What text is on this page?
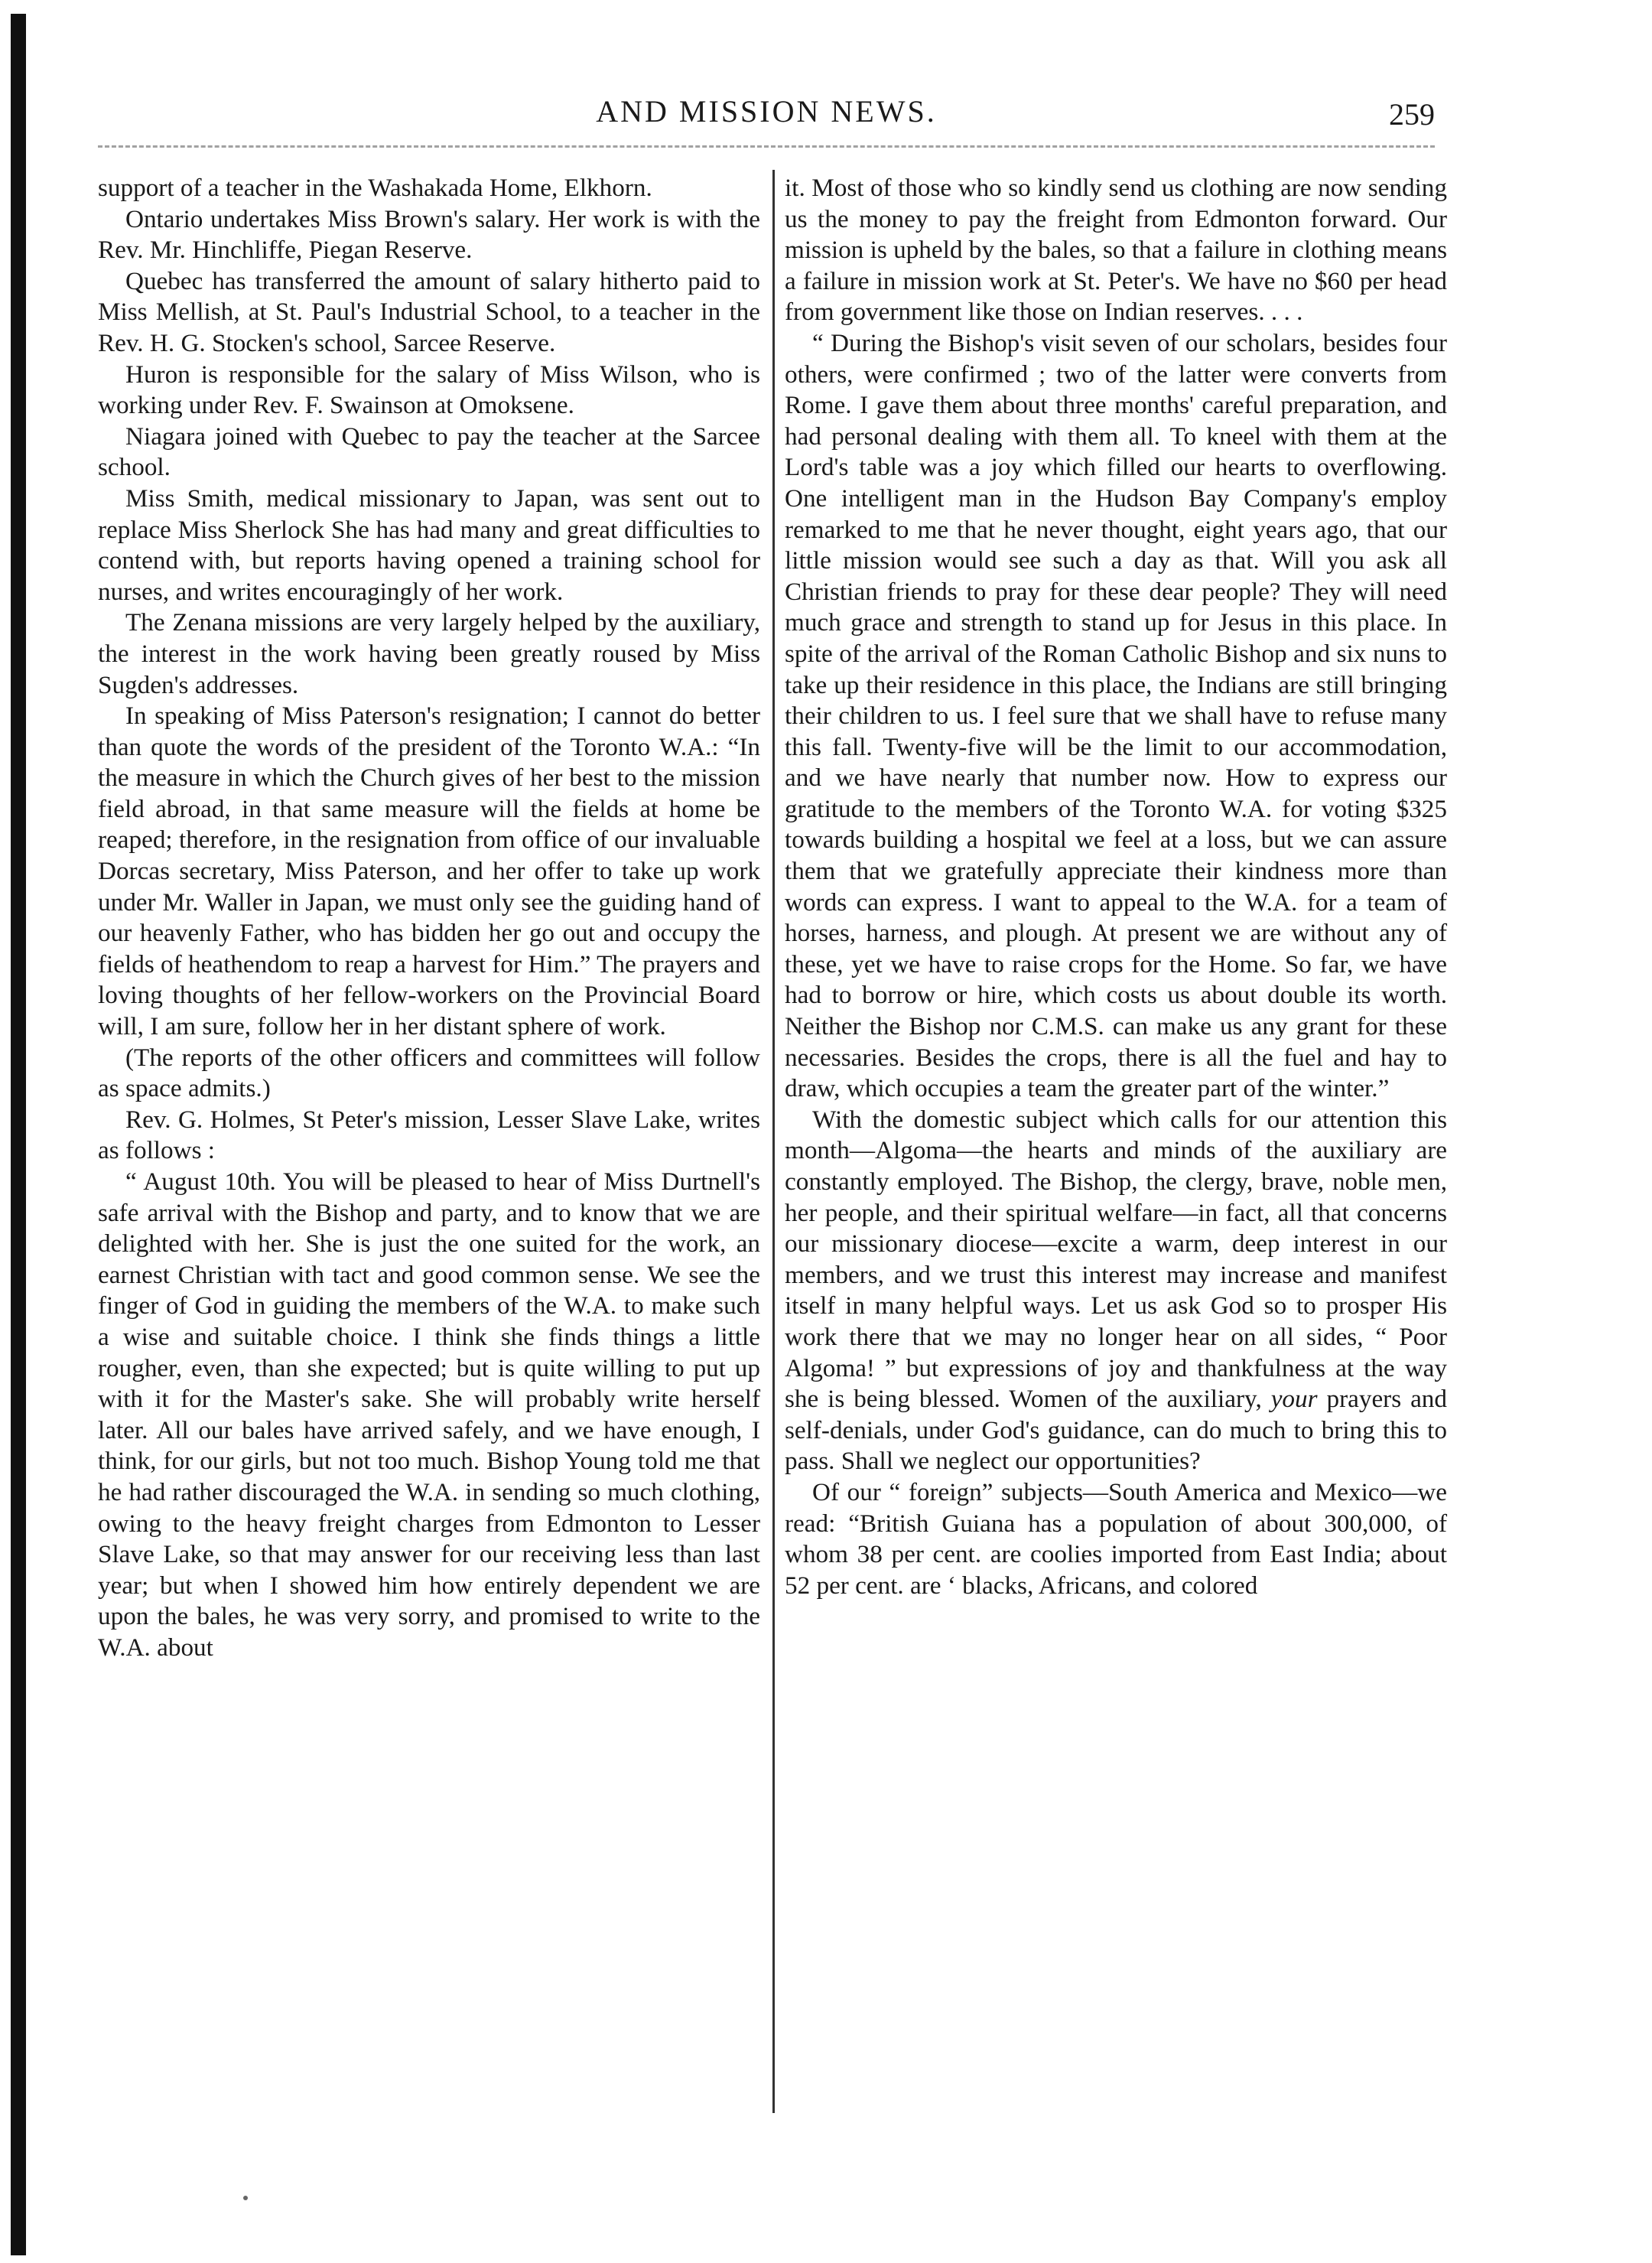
AND MISSION NEWS.	259

support of a teacher in the Washakada Home, Elkhorn.

Ontario undertakes Miss Brown's salary. Her work is with the Rev. Mr. Hinchliffe, Piegan Reserve.

Quebec has transferred the amount of salary hitherto paid to Miss Mellish, at St. Paul's Industrial School, to a teacher in the Rev. H. G. Stocken's school, Sarcee Reserve.

Huron is responsible for the salary of Miss Wilson, who is working under Rev. F. Swainson at Omoksene.

Niagara joined with Quebec to pay the teacher at the Sarcee school.

Miss Smith, medical missionary to Japan, was sent out to replace Miss Sherlock She has had many and great difficulties to contend with, but reports having opened a training school for nurses, and writes encouragingly of her work.

The Zenana missions are very largely helped by the auxiliary, the interest in the work having been greatly roused by Miss Sugden's addresses.

In speaking of Miss Paterson's resignation; I cannot do better than quote the words of the president of the Toronto W.A.: “In the measure in which the Church gives of her best to the mission field abroad, in that same measure will the fields at home be reaped; therefore, in the resignation from office of our invaluable Dorcas secretary, Miss Paterson, and her offer to take up work under Mr. Waller in Japan, we must only see the guiding hand of our heavenly Father, who has bidden her go out and occupy the fields of heathendom to reap a harvest for Him.” The prayers and loving thoughts of her fellow-workers on the Provincial Board will, I am sure, follow her in her distant sphere of work.

(The reports of the other officers and committees will follow as space admits.)

Rev. G. Holmes, St Peter's mission, Lesser Slave Lake, writes as follows :

“ August 10th. You will be pleased to hear of Miss Durtnell's safe arrival with the Bishop and party, and to know that we are delighted with her. She is just the one suited for the work, an earnest Christian with tact and good common sense. We see the finger of God in guiding the members of the W.A. to make such a wise and suitable choice. I think she finds things a little rougher, even, than she expected; but is quite willing to put up with it for the Master's sake. She will probably write herself later. All our bales have arrived safely, and we have enough, I think, for our girls, but not too much. Bishop Young told me that he had rather discouraged the W.A. in sending so much clothing, owing to the heavy freight charges from Edmonton to Lesser Slave Lake, so that may answer for our receiving less than last year; but when I showed him how entirely dependent we are upon the bales, he was very sorry, and promised to write to the W.A. about

it. Most of those who so kindly send us clothing are now sending us the money to pay the freight from Edmonton forward. Our mission is upheld by the bales, so that a failure in clothing means a failure in mission work at St. Peter's. We have no $60 per head from government like those on Indian reserves. . . .

“ During the Bishop's visit seven of our scholars, besides four others, were confirmed ; two of the latter were converts from Rome. I gave them about three months' careful preparation, and had personal dealing with them all. To kneel with them at the Lord's table was a joy which filled our hearts to overflowing. One intelligent man in the Hudson Bay Company's employ remarked to me that he never thought, eight years ago, that our little mission would see such a day as that. Will you ask all Christian friends to pray for these dear people? They will need much grace and strength to stand up for Jesus in this place. In spite of the arrival of the Roman Catholic Bishop and six nuns to take up their residence in this place, the Indians are still bringing their children to us. I feel sure that we shall have to refuse many this fall. Twenty-five will be the limit to our accommodation, and we have nearly that number now. How to express our gratitude to the members of the Toronto W.A. for voting $325 towards building a hospital we feel at a loss, but we can assure them that we gratefully appreciate their kindness more than words can express. I want to appeal to the W.A. for a team of horses, harness, and plough. At present we are without any of these, yet we have to raise crops for the Home. So far, we have had to borrow or hire, which costs us about double its worth. Neither the Bishop nor C.M.S. can make us any grant for these necessaries. Besides the crops, there is all the fuel and hay to draw, which occupies a team the greater part of the winter.”

With the domestic subject which calls for our attention this month—Algoma—the hearts and minds of the auxiliary are constantly employed. The Bishop, the clergy, brave, noble men, her people, and their spiritual welfare—in fact, all that concerns our missionary diocese—excite a warm, deep interest in our members, and we trust this interest may increase and manifest itself in many helpful ways. Let us ask God so to prosper His work there that we may no longer hear on all sides, “ Poor Algoma! ” but expressions of joy and thankfulness at the way she is being blessed. Women of the auxiliary, your prayers and self-denials, under God's guidance, can do much to bring this to pass. Shall we neglect our opportunities?

Of our “ foreign” subjects—South America and Mexico—we read: “British Guiana has a population of about 300,000, of whom 38 per cent. are coolies imported from East India; about 52 per cent. are ‘ blacks, Africans, and colored
